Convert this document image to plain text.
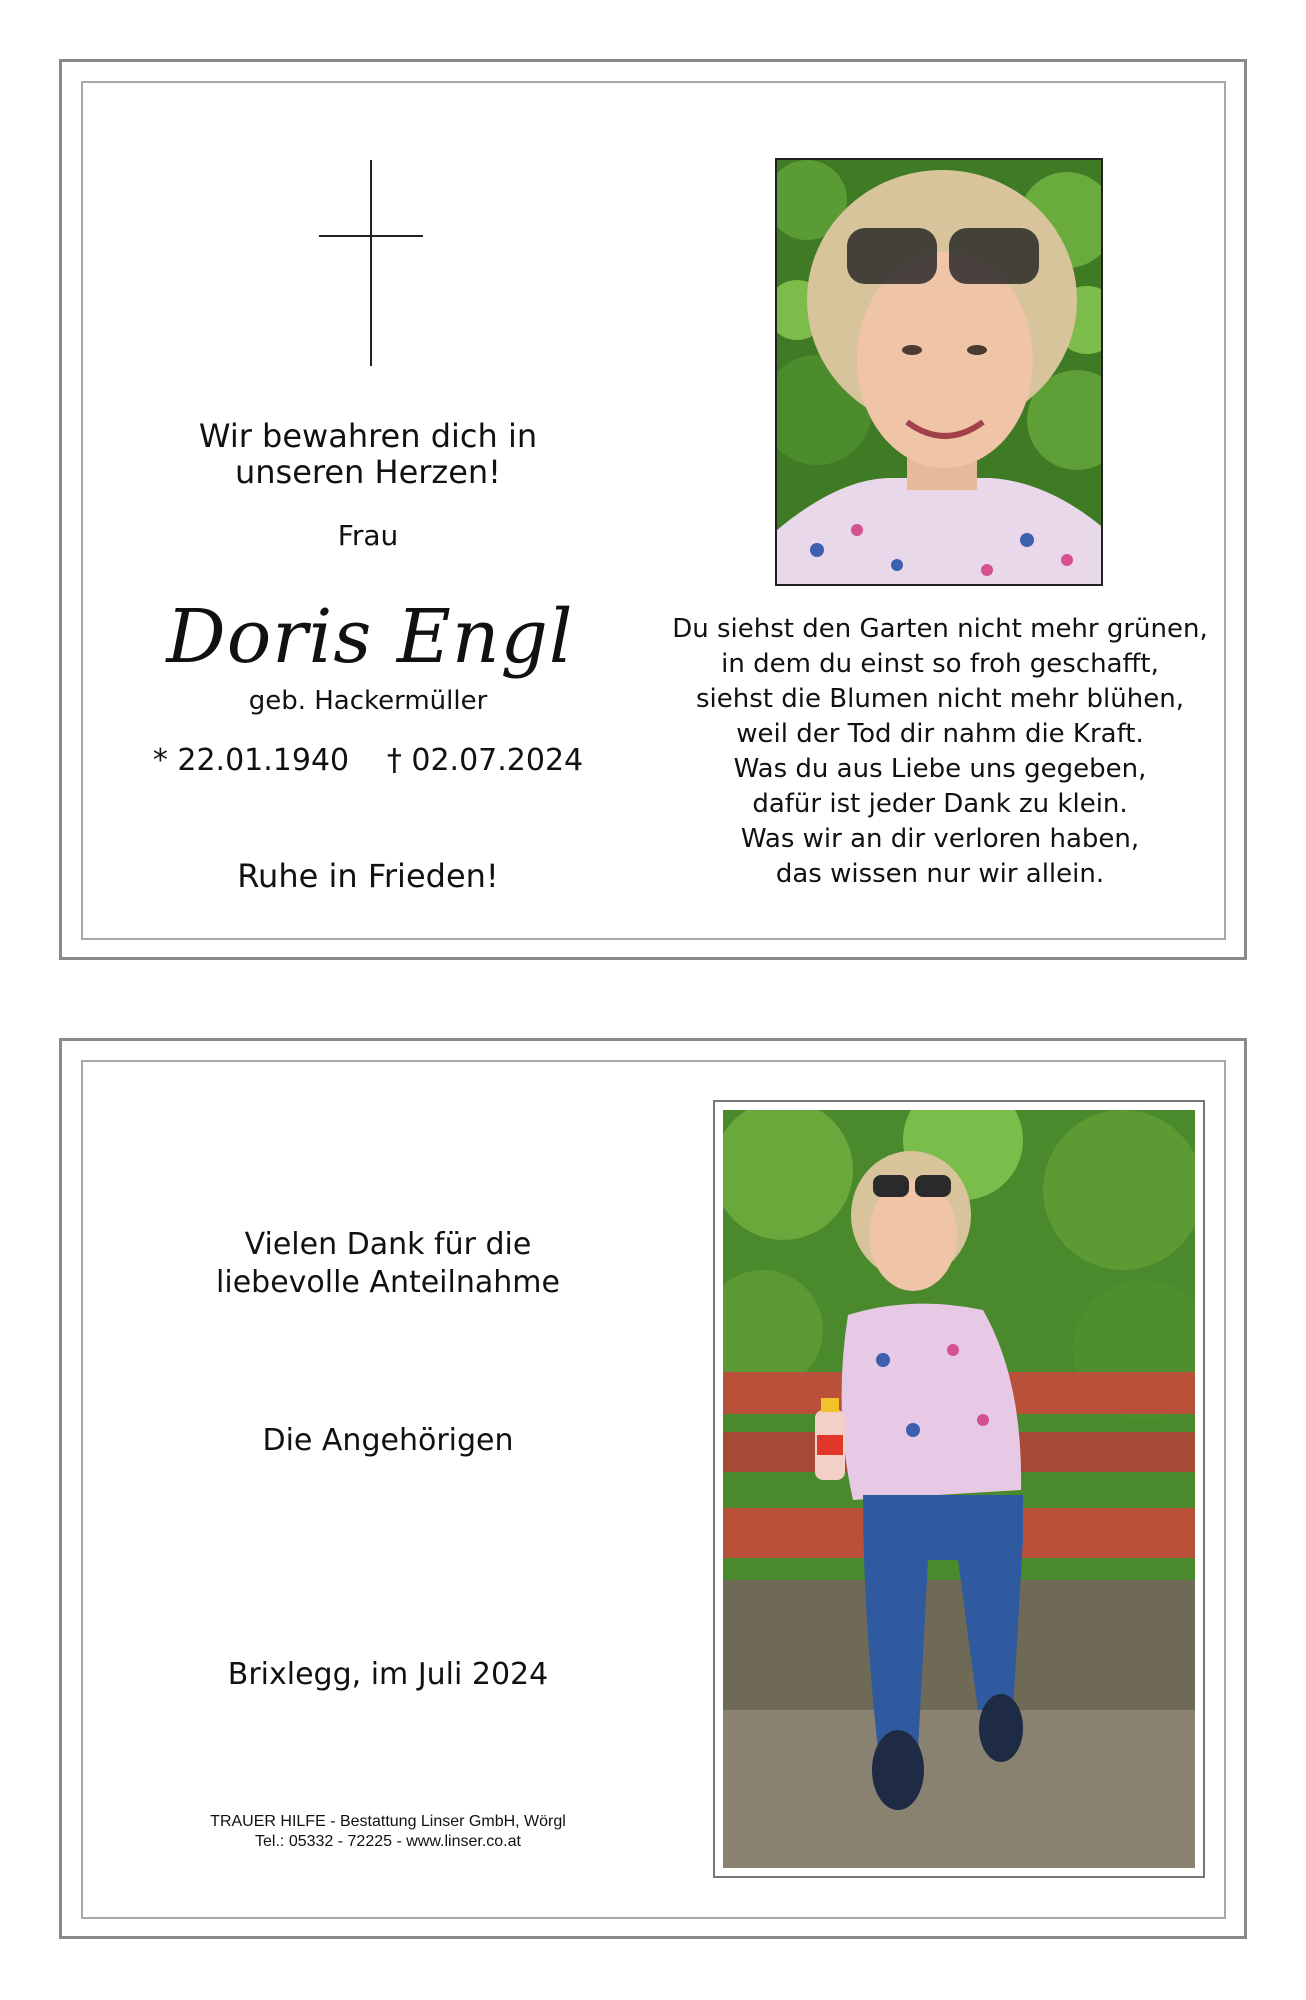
Wir bewahren dich in
unseren Herzen!
Frau
Doris Engl
geb. Hackermüller
* 22.01.1940 † 02.07.2024
Ruhe in Frieden!
Du siehst den Garten nicht mehr grünen,
in dem du einst so froh geschafft,
siehst die Blumen nicht mehr blühen,
weil der Tod dir nahm die Kraft.
Was du aus Liebe uns gegeben,
dafür ist jeder Dank zu klein.
Was wir an dir verloren haben,
das wissen nur wir allein.
Vielen Dank für die
liebevolle Anteilnahme
Die Angehörigen
Brixlegg, im Juli 2024
TRAUER HILFE - Bestattung Linser GmbH, Wörgl
Tel.: 05332 - 72225 - www.linser.co.at
